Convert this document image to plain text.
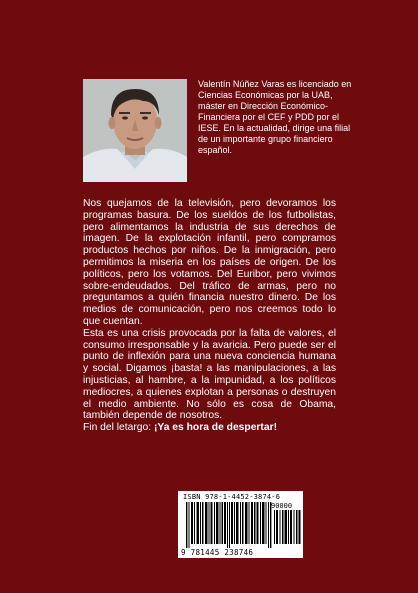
Valentín Núñez Varas es licenciado en Ciencias Económicas por la UAB, máster en Dirección Económico-Financiera por el CEF y PDD por el IESE. En la actualidad, dirige una filial de un importante grupo financiero español.

Nos quejamos de la televisión, pero devoramos los programas basura. De los sueldos de los futbolistas, pero alimentamos la industria de sus derechos de imagen. De la explotación infantil, pero compramos productos hechos por niños. De la inmigración, pero permitimos la miseria en los países de origen. De los políticos, pero los votamos. Del Euribor, pero vivimos sobre-endeudados. Del tráfico de armas, pero no preguntamos a quién financia nuestro dinero. De los medios de comunicación, pero nos creemos todo lo que cuentan.

Esta es una crisis provocada por la falta de valores, el consumo irresponsable y la avaricia. Pero puede ser el punto de inflexión para una nueva conciencia humana y social. Digamos ¡basta! a las manipulaciones, a las injusticias, al hambre, a la impunidad, a los políticos mediocres, a quienes explotan a personas o destruyen el medio ambiente. No sólo es cosa de Obama, también depende de nosotros.

Fin del letargo: ¡Ya es hora de despertar!

ISBN 978-1-4452-3874-6
90000
9 781445 238746
